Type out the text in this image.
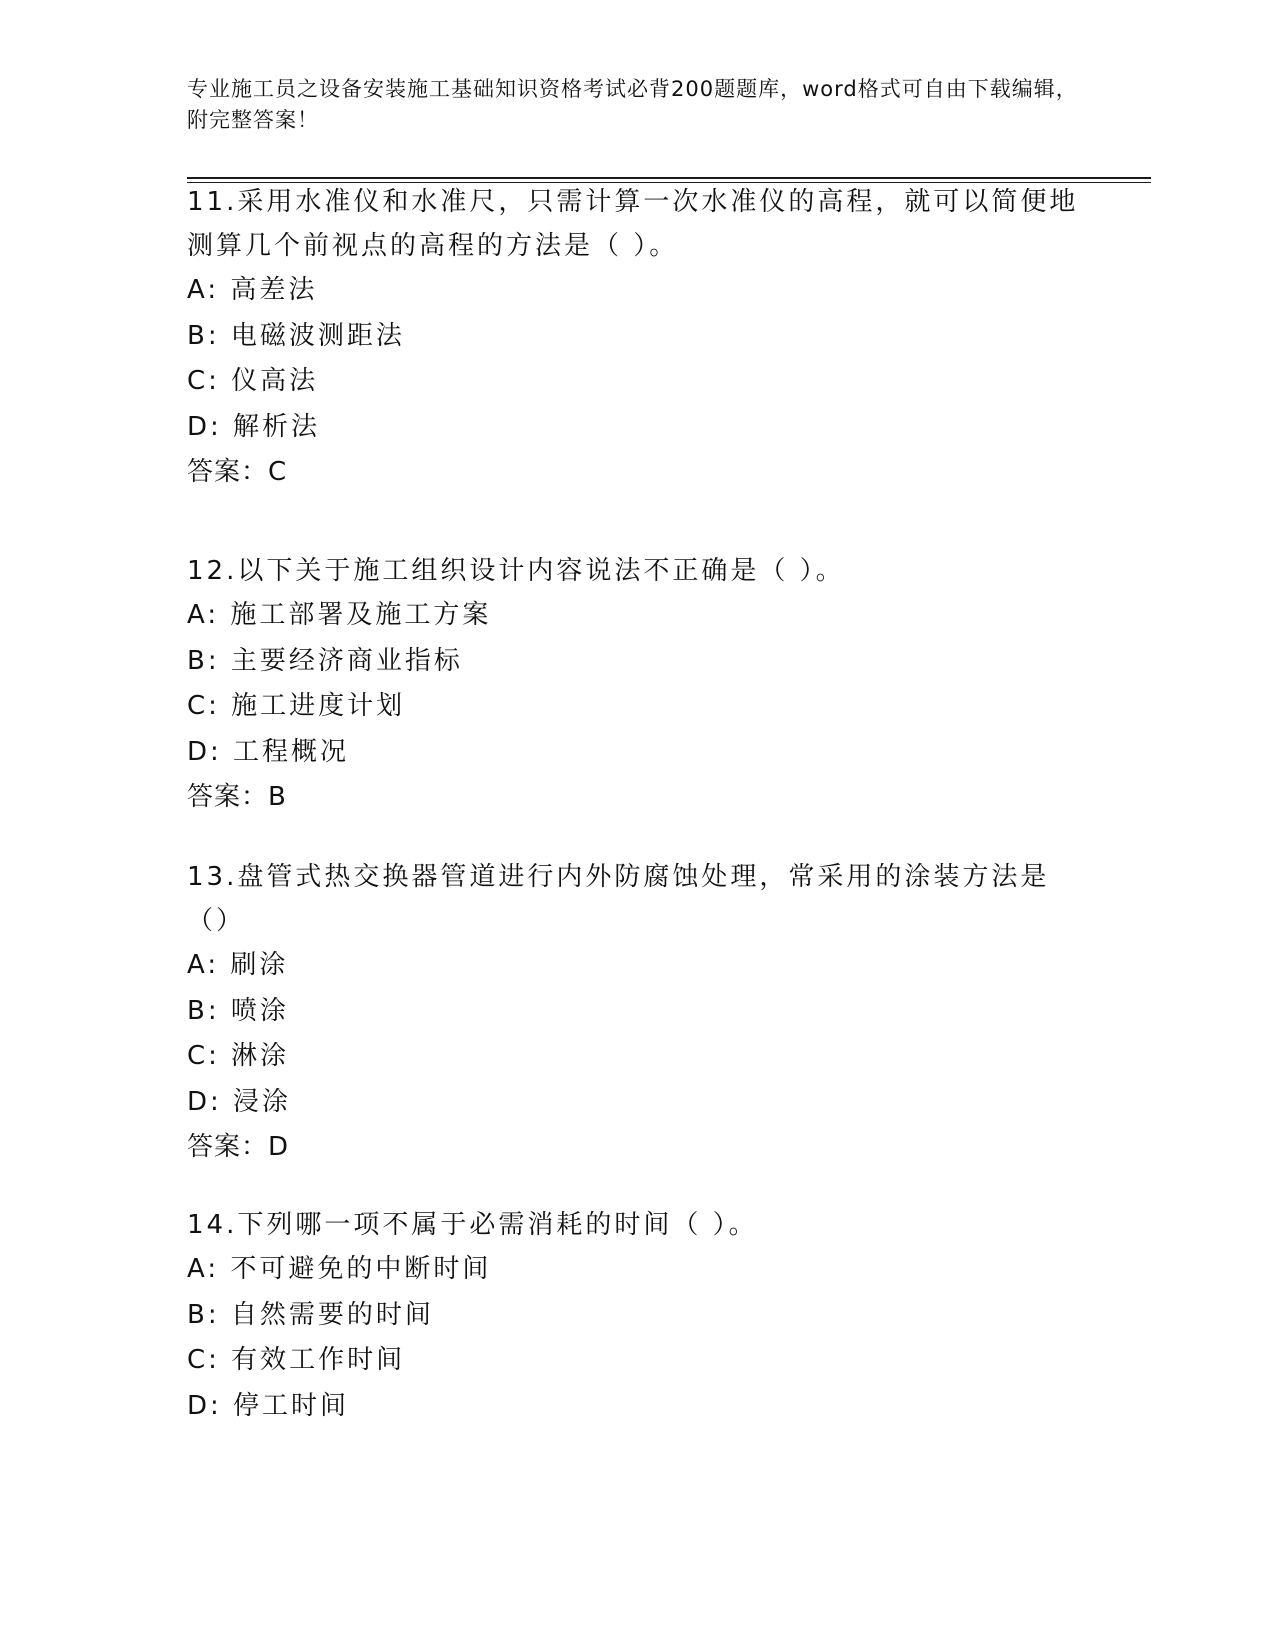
专业施工员之设备安装施工基础知识资格考试必背200题题库，word格式可自由下载编辑，附完整答案！
11.采用水准仪和水准尺，只需计算一次水准仪的高程，就可以简便地测算几个前视点的高程的方法是（ ）。
A: 高差法
B: 电磁波测距法
C: 仪高法
D: 解析法
答案：C
12.以下关于施工组织设计内容说法不正确是（ ）。
A: 施工部署及施工方案
B: 主要经济商业指标
C: 施工进度计划
D: 工程概况
答案：B
13.盘管式热交换器管道进行内外防腐蚀处理，常采用的涂装方法是（）
A: 刷涂
B: 喷涂
C: 淋涂
D: 浸涂
答案：D
14.下列哪一项不属于必需消耗的时间（ ）。
A: 不可避免的中断时间
B: 自然需要的时间
C: 有效工作时间
D: 停工时间
